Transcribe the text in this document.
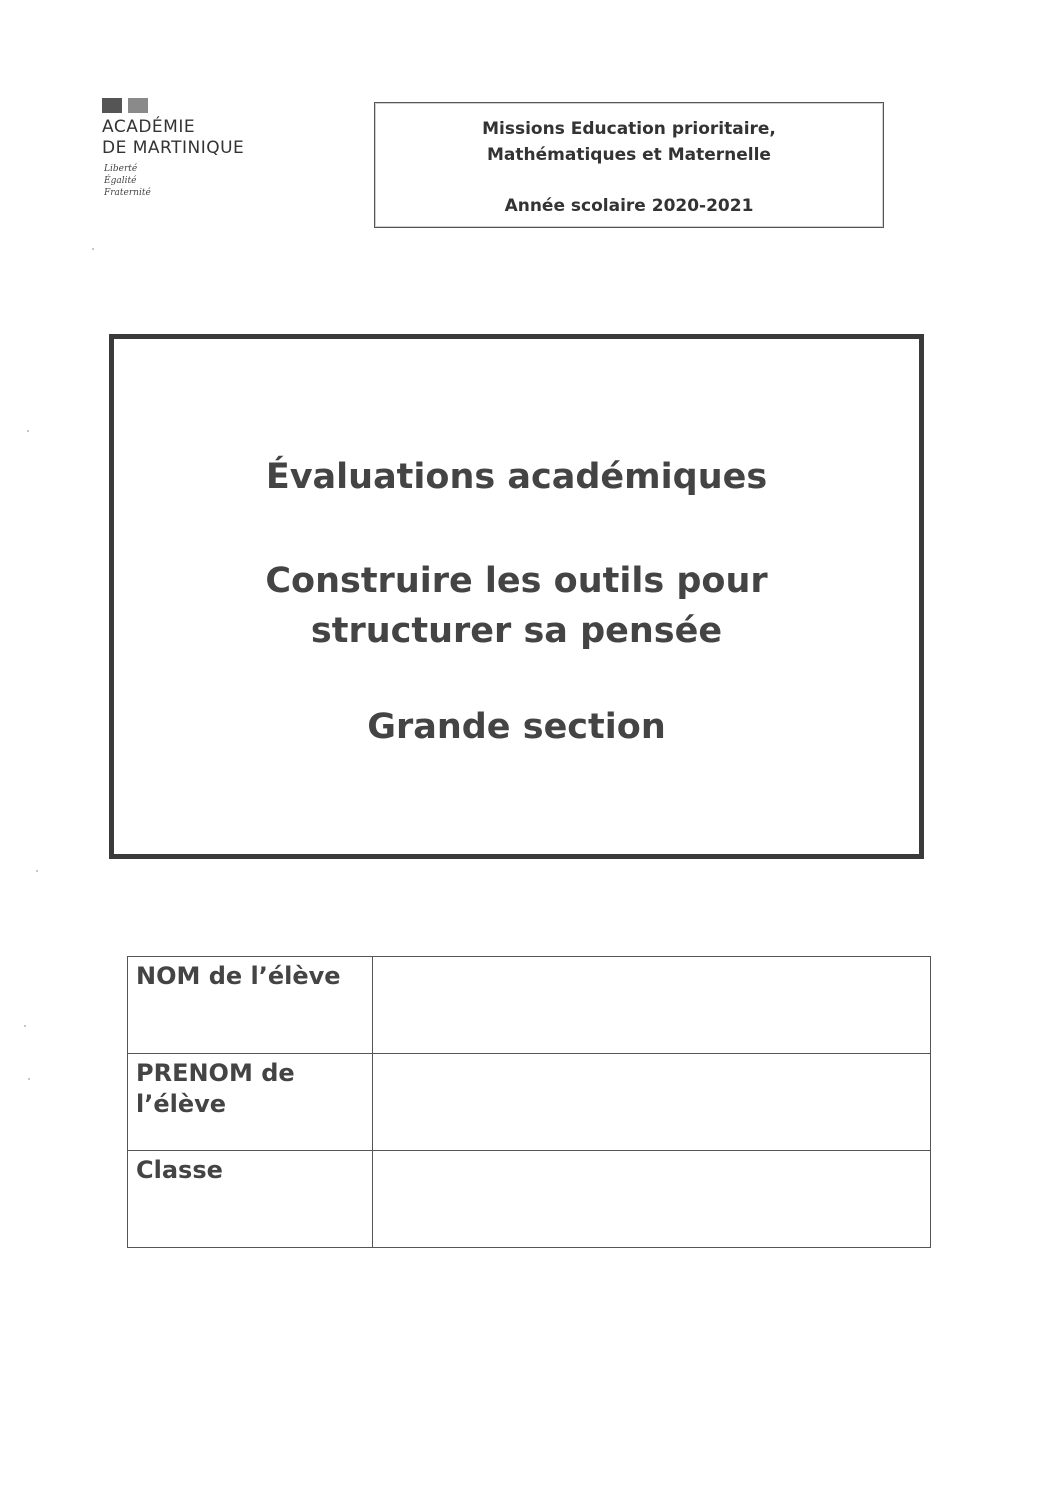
ACADÉMIE
DE MARTINIQUE
Liberté
Égalité
Fraternité
Missions Education prioritaire,
Mathématiques et Maternelle
Année scolaire 2020-2021
Évaluations académiques
Construire les outils pour
structurer sa pensée
Grande section
NOM de l’élève	
PRENOM de l’élève	
Classe	
